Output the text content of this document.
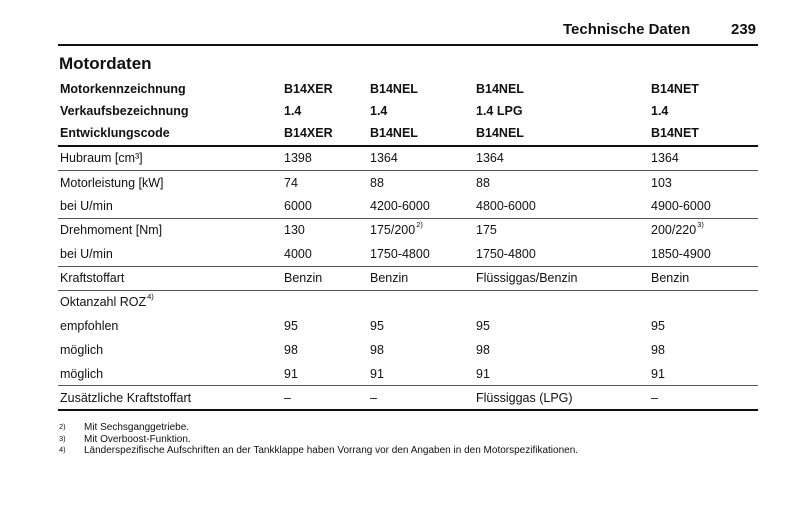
Technische Daten	239
Motordaten
Motorkennzeichnung	B14XER	B14NEL	B14NEL	B14NET
Verkaufsbezeichnung	1.4	1.4	1.4 LPG	1.4
Entwicklungscode	B14XER	B14NEL	B14NEL	B14NET
Hubraum [cm³]	1398	1364	1364	1364
Motorleistung [kW]	74	88	88	103
bei U/min	6000	4200-6000	4800-6000	4900-6000
Drehmoment [Nm]	130	175/200$^{2)}$	175	200/220$^{3)}$
bei U/min	4000	1750-4800	1750-4800	1850-4900
Kraftstoffart	Benzin	Benzin	Flüssiggas/Benzin	Benzin
Oktanzahl ROZ$^{4)}$
empfohlen	95	95	95	95
möglich	98	98	98	98
möglich	91	91	91	91
Zusätzliche Kraftstoffart	–	–	Flüssiggas (LPG)	–
2) Mit Sechsganggetriebe.
3) Mit Overboost-Funktion.
4) Länderspezifische Aufschriften an der Tankklappe haben Vorrang vor den Angaben in den Motorspezifikationen.
